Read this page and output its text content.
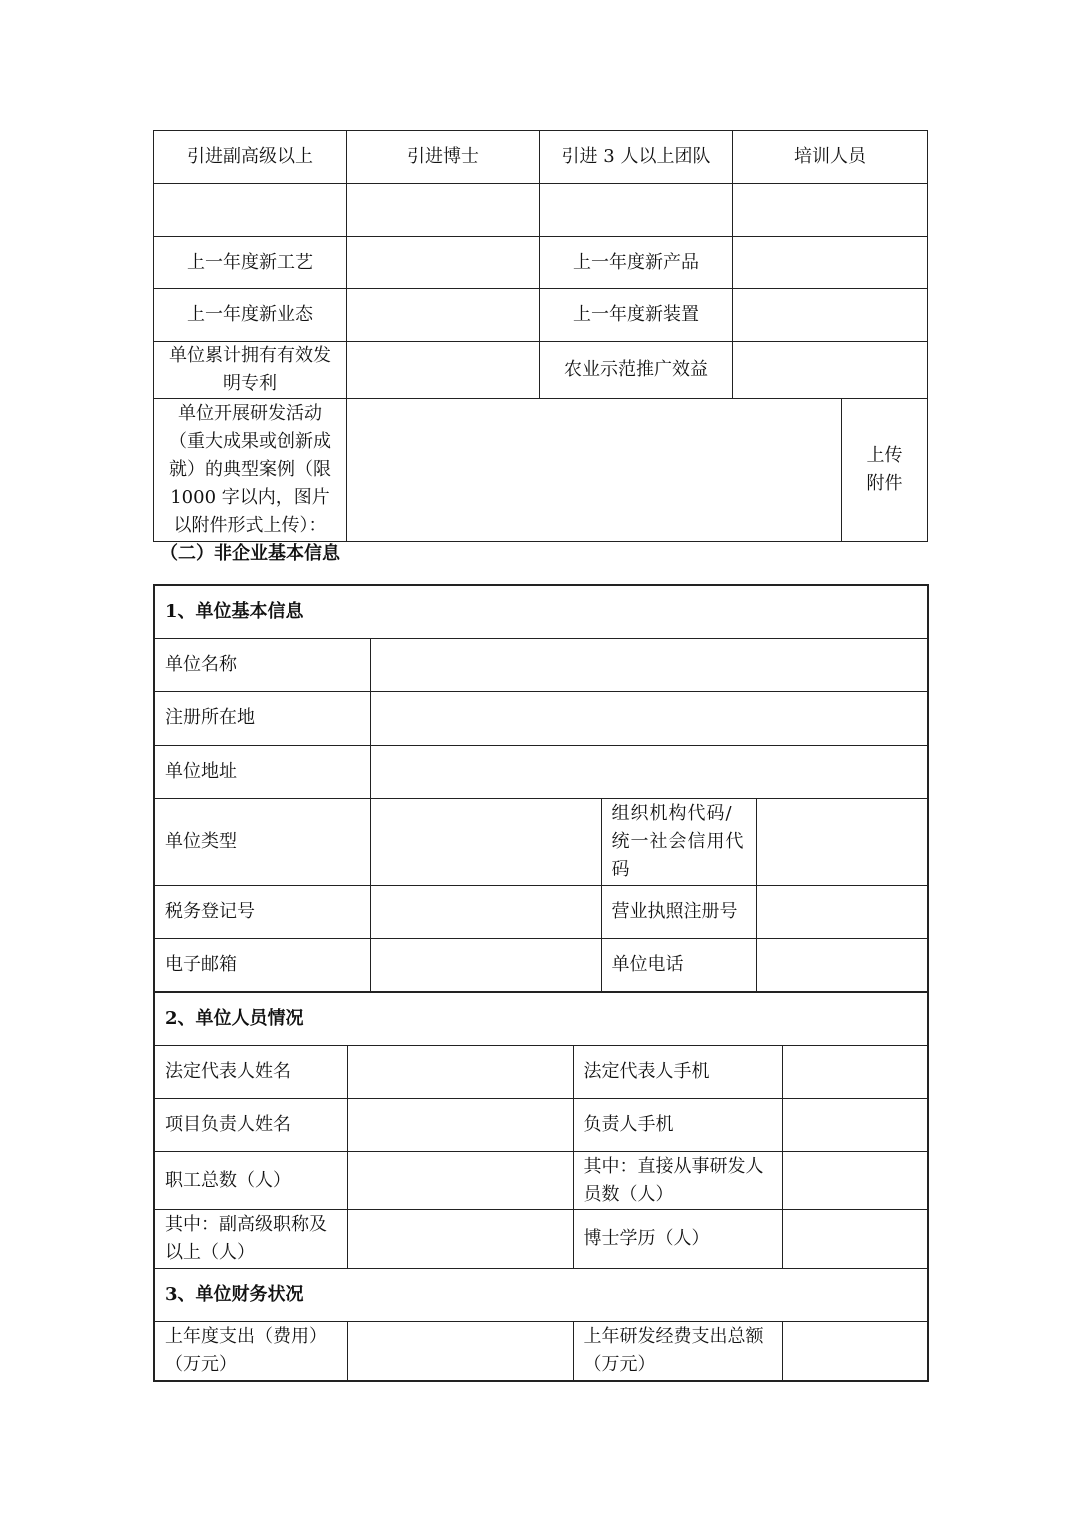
引进副高级以上	引进博士	引进 3 人以上团队	培训人员	

上一年度新工艺		上一年度新产品		
上一年度新业态		上一年度新装置		
单位累计拥有有效发明专利		农业示范推广效益		
单位开展研发活动（重大成果或创新成就）的典型案例（限1000 字以内，图片以附件形式上传）：				上传附件
（二）非企业基本信息
1、单位基本信息			
单位名称			
注册所在地			
单位地址			
单位类型		组织机构代码/统一社会信用代码	
税务登记号		营业执照注册号	
电子邮箱		单位电话	
2、单位人员情况			
法定代表人姓名		法定代表人手机	
项目负责人姓名		负责人手机	
职工总数（人）		其中：直接从事研发人员数（人）	
其中：副高级职称及以上（人）		博士学历（人）	
3、单位财务状况
上年度支出（费用）（万元）		上年研发经费支出总额（万元）	
